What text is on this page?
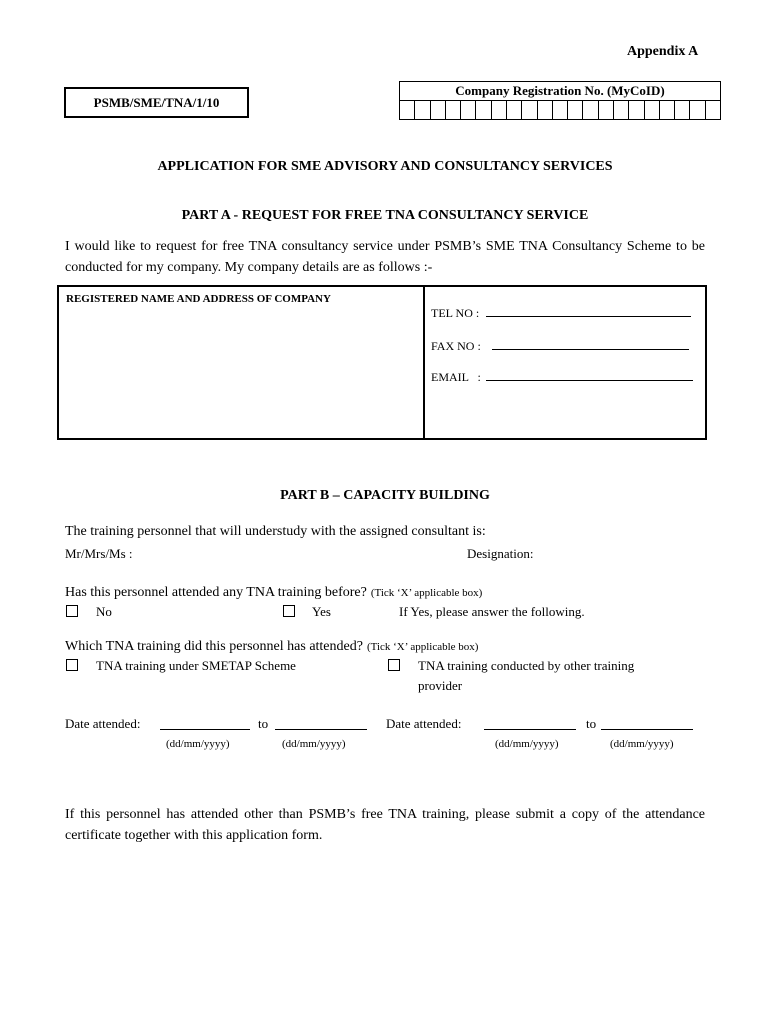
Appendix A
PSMB/SME/TNA/1/10
Company Registration No. (MyCoID)
APPLICATION FOR SME ADVISORY AND CONSULTANCY SERVICES
PART A - REQUEST FOR FREE TNA CONSULTANCY SERVICE
I would like to request for free TNA consultancy service under PSMB’s SME TNA Consultancy Scheme to be conducted for my company. My company details are as follows :-
REGISTERED NAME AND ADDRESS OF COMPANY
TEL NO :
FAX NO :
EMAIL   :
PART B – CAPACITY BUILDING
The training personnel that will understudy with the assigned consultant is:
Mr/Mrs/Ms :	Designation:
Has this personnel attended any TNA training before? (Tick ‘X’ applicable box)
No	Yes	If Yes, please answer the following.
Which TNA training did this personnel has attended? (Tick ‘X’ applicable box)
TNA training under SMETAP Scheme	TNA training conducted by other training
provider
Date attended:	to
(dd/mm/yyyy)	(dd/mm/yyyy)
Date attended:	to
(dd/mm/yyyy)	(dd/mm/yyyy)
If this personnel has attended other than PSMB’s free TNA training, please submit a copy of the attendance certificate together with this application form.
